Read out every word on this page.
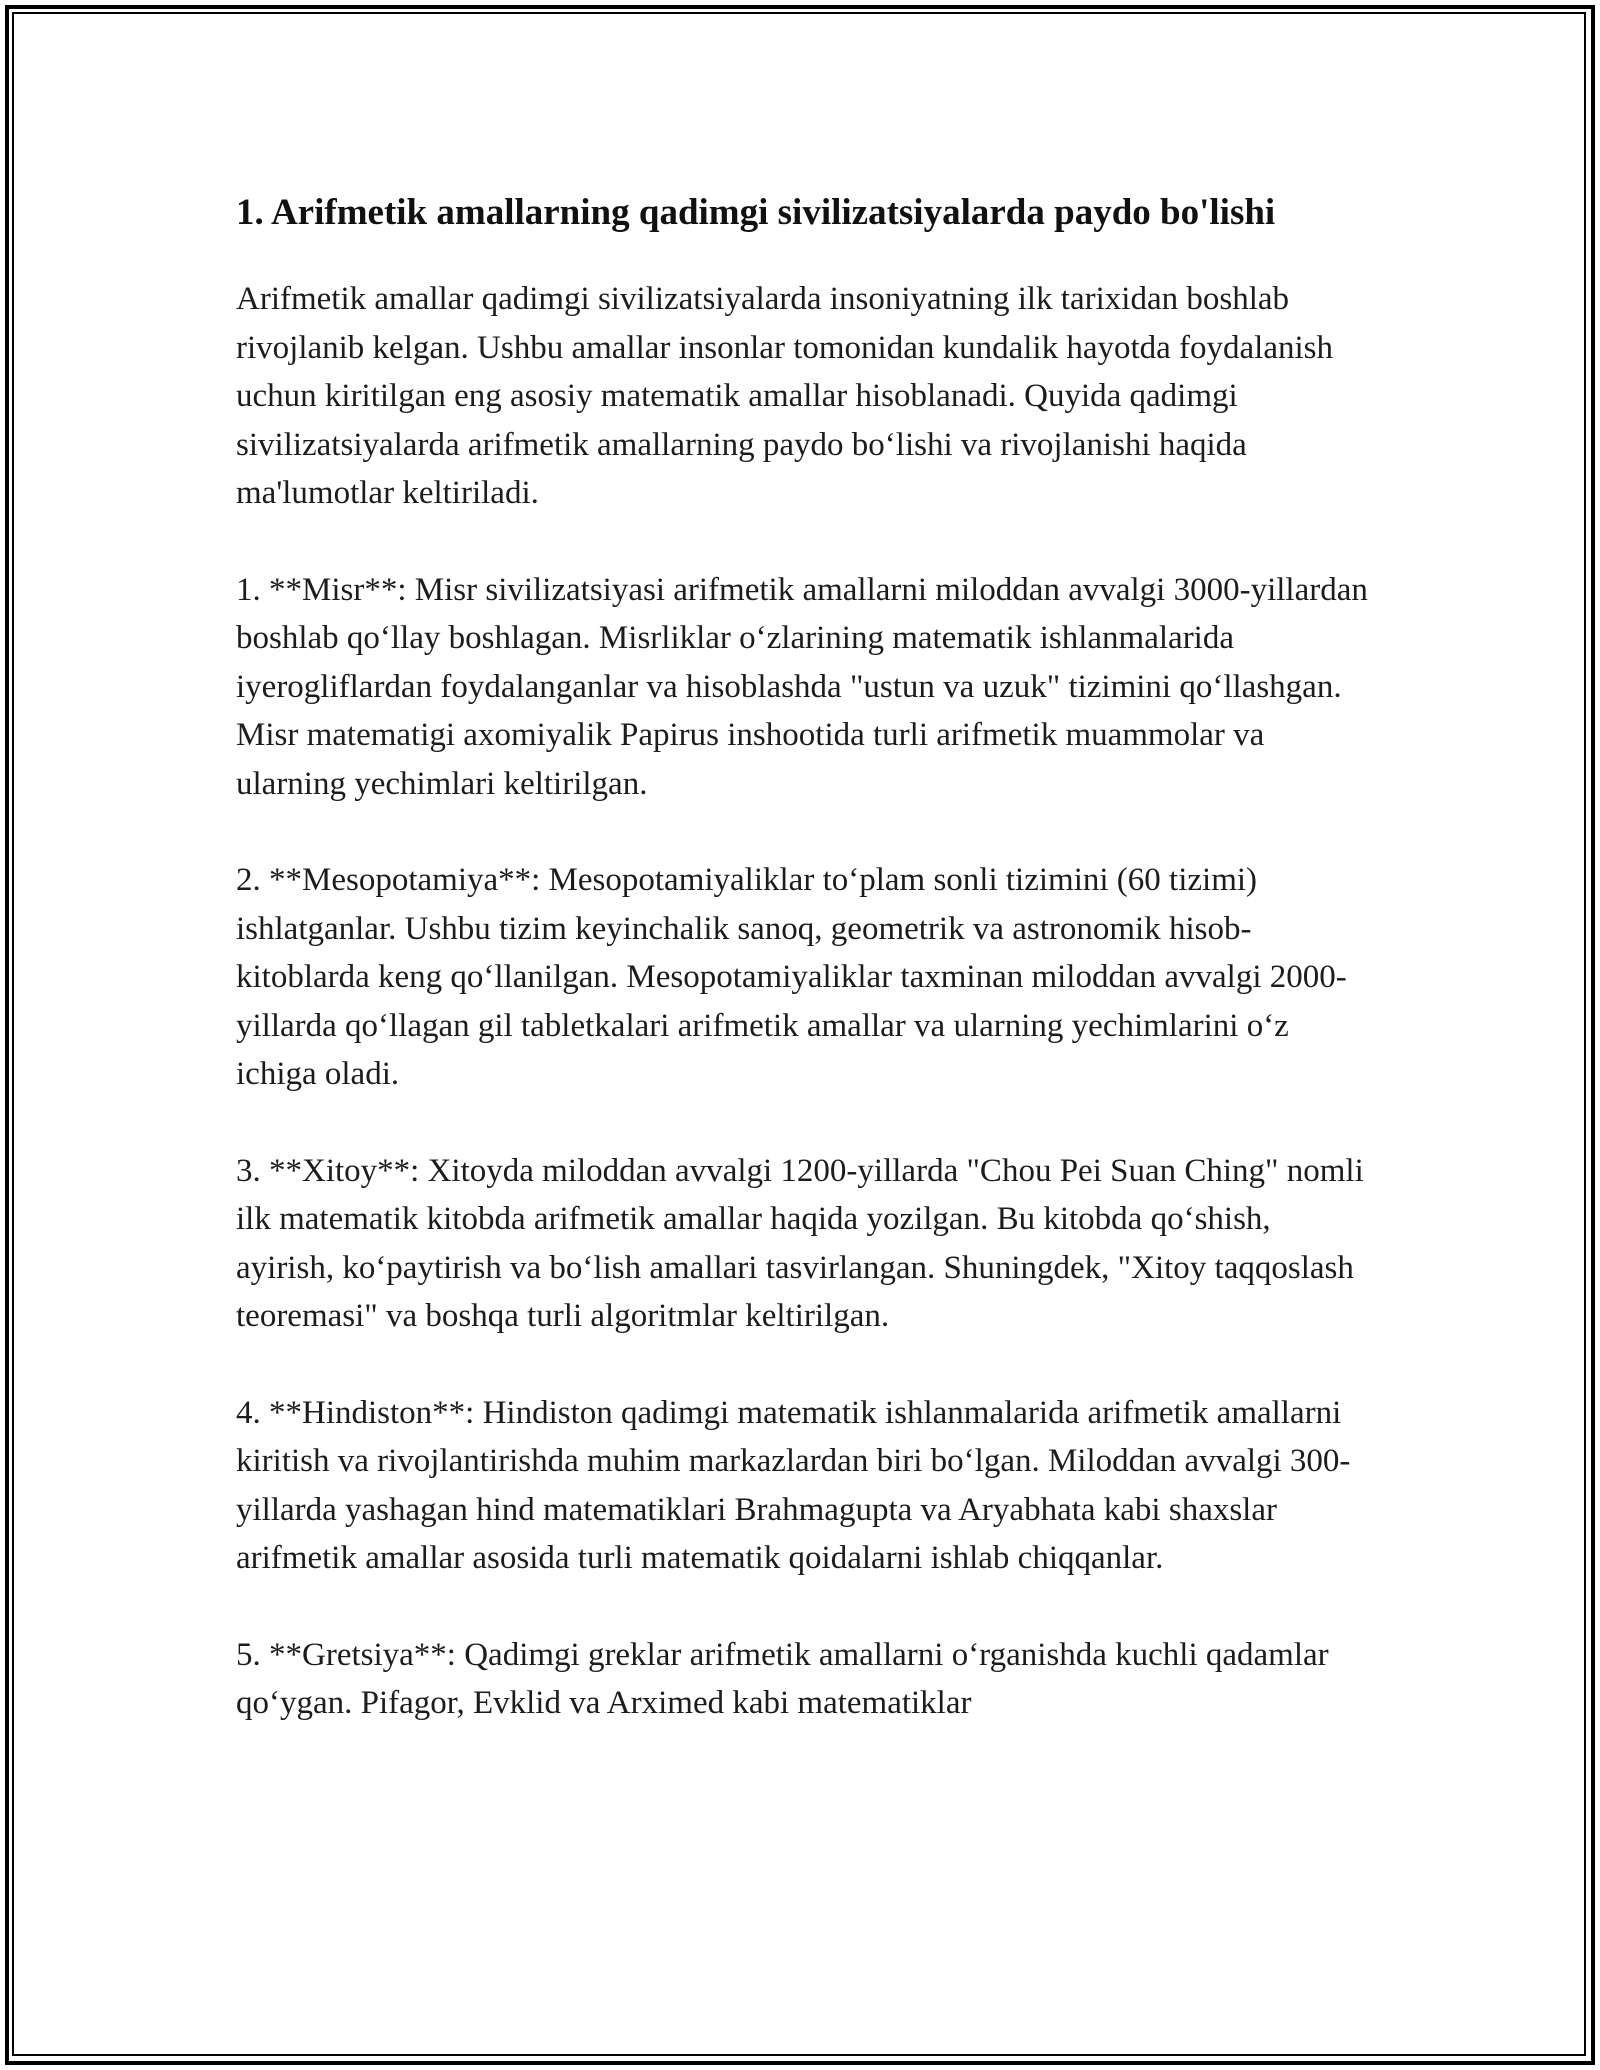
1. Arifmetik amallarning qadimgi sivilizatsiyalarda paydo bo'lishi

Arifmetik amallar qadimgi sivilizatsiyalarda insoniyatning ilk tarixidan boshlab rivojlanib kelgan. Ushbu amallar insonlar tomonidan kundalik hayotda foydalanish uchun kiritilgan eng asosiy matematik amallar hisoblanadi. Quyida qadimgi sivilizatsiyalarda arifmetik amallarning paydo bo‘lishi va rivojlanishi haqida ma'lumotlar keltiriladi.

1. **Misr**: Misr sivilizatsiyasi arifmetik amallarni miloddan avvalgi 3000-yillardan boshlab qo‘llay boshlagan. Misrliklar o‘zlarining matematik ishlanmalarida iyerogliflardan foydalanganlar va hisoblashda "ustun va uzuk" tizimini qo‘llashgan. Misr matematigi axomiyalik Papirus inshootida turli arifmetik muammolar va ularning yechimlari keltirilgan.

2. **Mesopotamiya**: Mesopotamiyaliklar to‘plam sonli tizimini (60 tizimi) ishlatganlar. Ushbu tizim keyinchalik sanoq, geometrik va astronomik hisob-kitoblarda keng qo‘llanilgan. Mesopotamiyaliklar taxminan miloddan avvalgi 2000-yillarda qo‘llagan gil tabletkalari arifmetik amallar va ularning yechimlarini o‘z ichiga oladi.

3. **Xitoy**: Xitoyda miloddan avvalgi 1200-yillarda "Chou Pei Suan Ching" nomli ilk matematik kitobda arifmetik amallar haqida yozilgan. Bu kitobda qo‘shish, ayirish, ko‘paytirish va bo‘lish amallari tasvirlangan. Shuningdek, "Xitoy taqqoslash teoremasi" va boshqa turli algoritmlar keltirilgan.

4. **Hindiston**: Hindiston qadimgi matematik ishlanmalarida arifmetik amallarni kiritish va rivojlantirishda muhim markazlardan biri bo‘lgan. Miloddan avvalgi 300-yillarda yashagan hind matematiklari Brahmagupta va Aryabhata kabi shaxslar arifmetik amallar asosida turli matematik qoidalarni ishlab chiqqanlar.

5. **Gretsiya**: Qadimgi greklar arifmetik amallarni o‘rganishda kuchli qadamlar qo‘ygan. Pifagor, Evklid va Arximed kabi matematiklar
